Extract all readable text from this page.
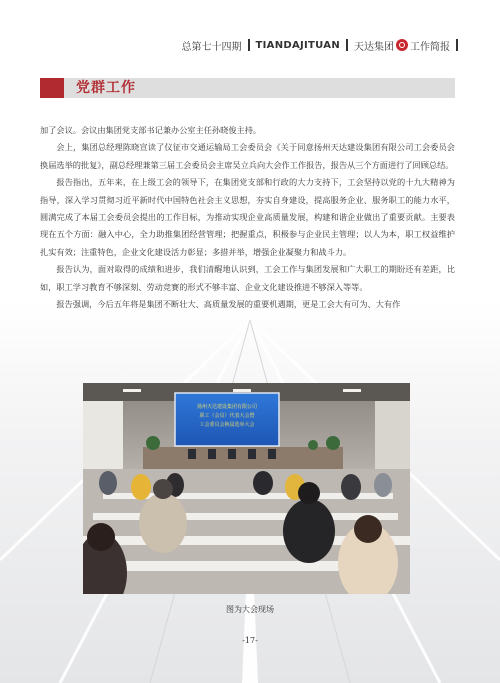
总第七十四期 TIANDAJITUAN 天达集团 工作简报
党群工作

加了会议。会议由集团党支部书记兼办公室主任孙晓俊主持。

会上，集团总经理陈晓宣读了仪征市交通运输局工会委员会《关于同意扬州天达建设集团有限公司工会委员会换届选举的批复》，副总经理兼第三届工会委员会主席吴立兵向大会作工作报告，报告从三个方面进行了回顾总结。

报告指出，五年来，在上级工会的领导下，在集团党支部和行政的大力支持下，工会坚持以党的十九大精神为指导，深入学习贯彻习近平新时代中国特色社会主义思想，夯实自身建设，提高服务企业、服务职工的能力水平，圆满完成了本届工会委员会提出的工作目标，为推动实现企业高质量发展，构建和谐企业做出了重要贡献。主要表现在五个方面：融入中心，全力助推集团经营管理；把握重点，积极参与企业民主管理；以人为本，职工权益维护扎实有效；注重特色，企业文化建设活力彰显；多措并举，增强企业凝聚力和战斗力。

报告认为，面对取得的成绩和进步，我们清醒地认识到，工会工作与集团发展和广大职工的期盼还有差距，比如，职工学习教育不够深刻、劳动竞赛的形式不够丰富、企业文化建设推进不够深入等等。

报告强调，今后五年将是集团不断壮大、高质量发展的重要机遇期，更是工会大有可为、大有作

扬州天达建设集团有限公司
职工（会员）代表大会暨
工会委员会换届选举大会
图为大会现场
-17-
